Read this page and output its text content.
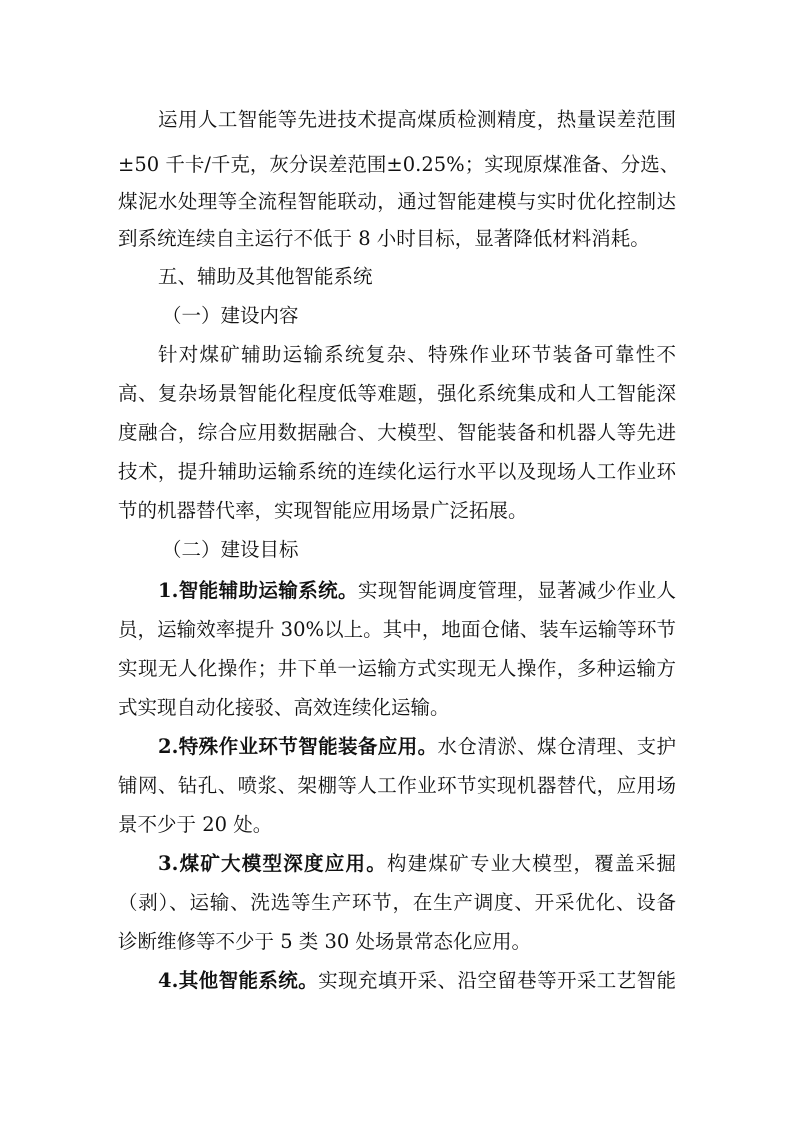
运用人工智能等先进技术提高煤质检测精度，热量误差范围
±50 千卡/千克，灰分误差范围±0.25%；实现原煤准备、分选、
煤泥水处理等全流程智能联动，通过智能建模与实时优化控制达
到系统连续自主运行不低于 8 小时目标，显著降低材料消耗。
五、辅助及其他智能系统
（一）建设内容
针对煤矿辅助运输系统复杂、特殊作业环节装备可靠性不
高、复杂场景智能化程度低等难题，强化系统集成和人工智能深
度融合，综合应用数据融合、大模型、智能装备和机器人等先进
技术，提升辅助运输系统的连续化运行水平以及现场人工作业环
节的机器替代率，实现智能应用场景广泛拓展。
（二）建设目标
1.智能辅助运输系统。实现智能调度管理，显著减少作业人
员，运输效率提升 30%以上。其中，地面仓储、装车运输等环节
实现无人化操作；井下单一运输方式实现无人操作，多种运输方
式实现自动化接驳、高效连续化运输。
2.特殊作业环节智能装备应用。水仓清淤、煤仓清理、支护
铺网、钻孔、喷浆、架棚等人工作业环节实现机器替代，应用场
景不少于 20 处。
3.煤矿大模型深度应用。构建煤矿专业大模型，覆盖采掘
（剥）、运输、洗选等生产环节，在生产调度、开采优化、设备
诊断维修等不少于 5 类 30 处场景常态化应用。
4.其他智能系统。实现充填开采、沿空留巷等开采工艺智能
